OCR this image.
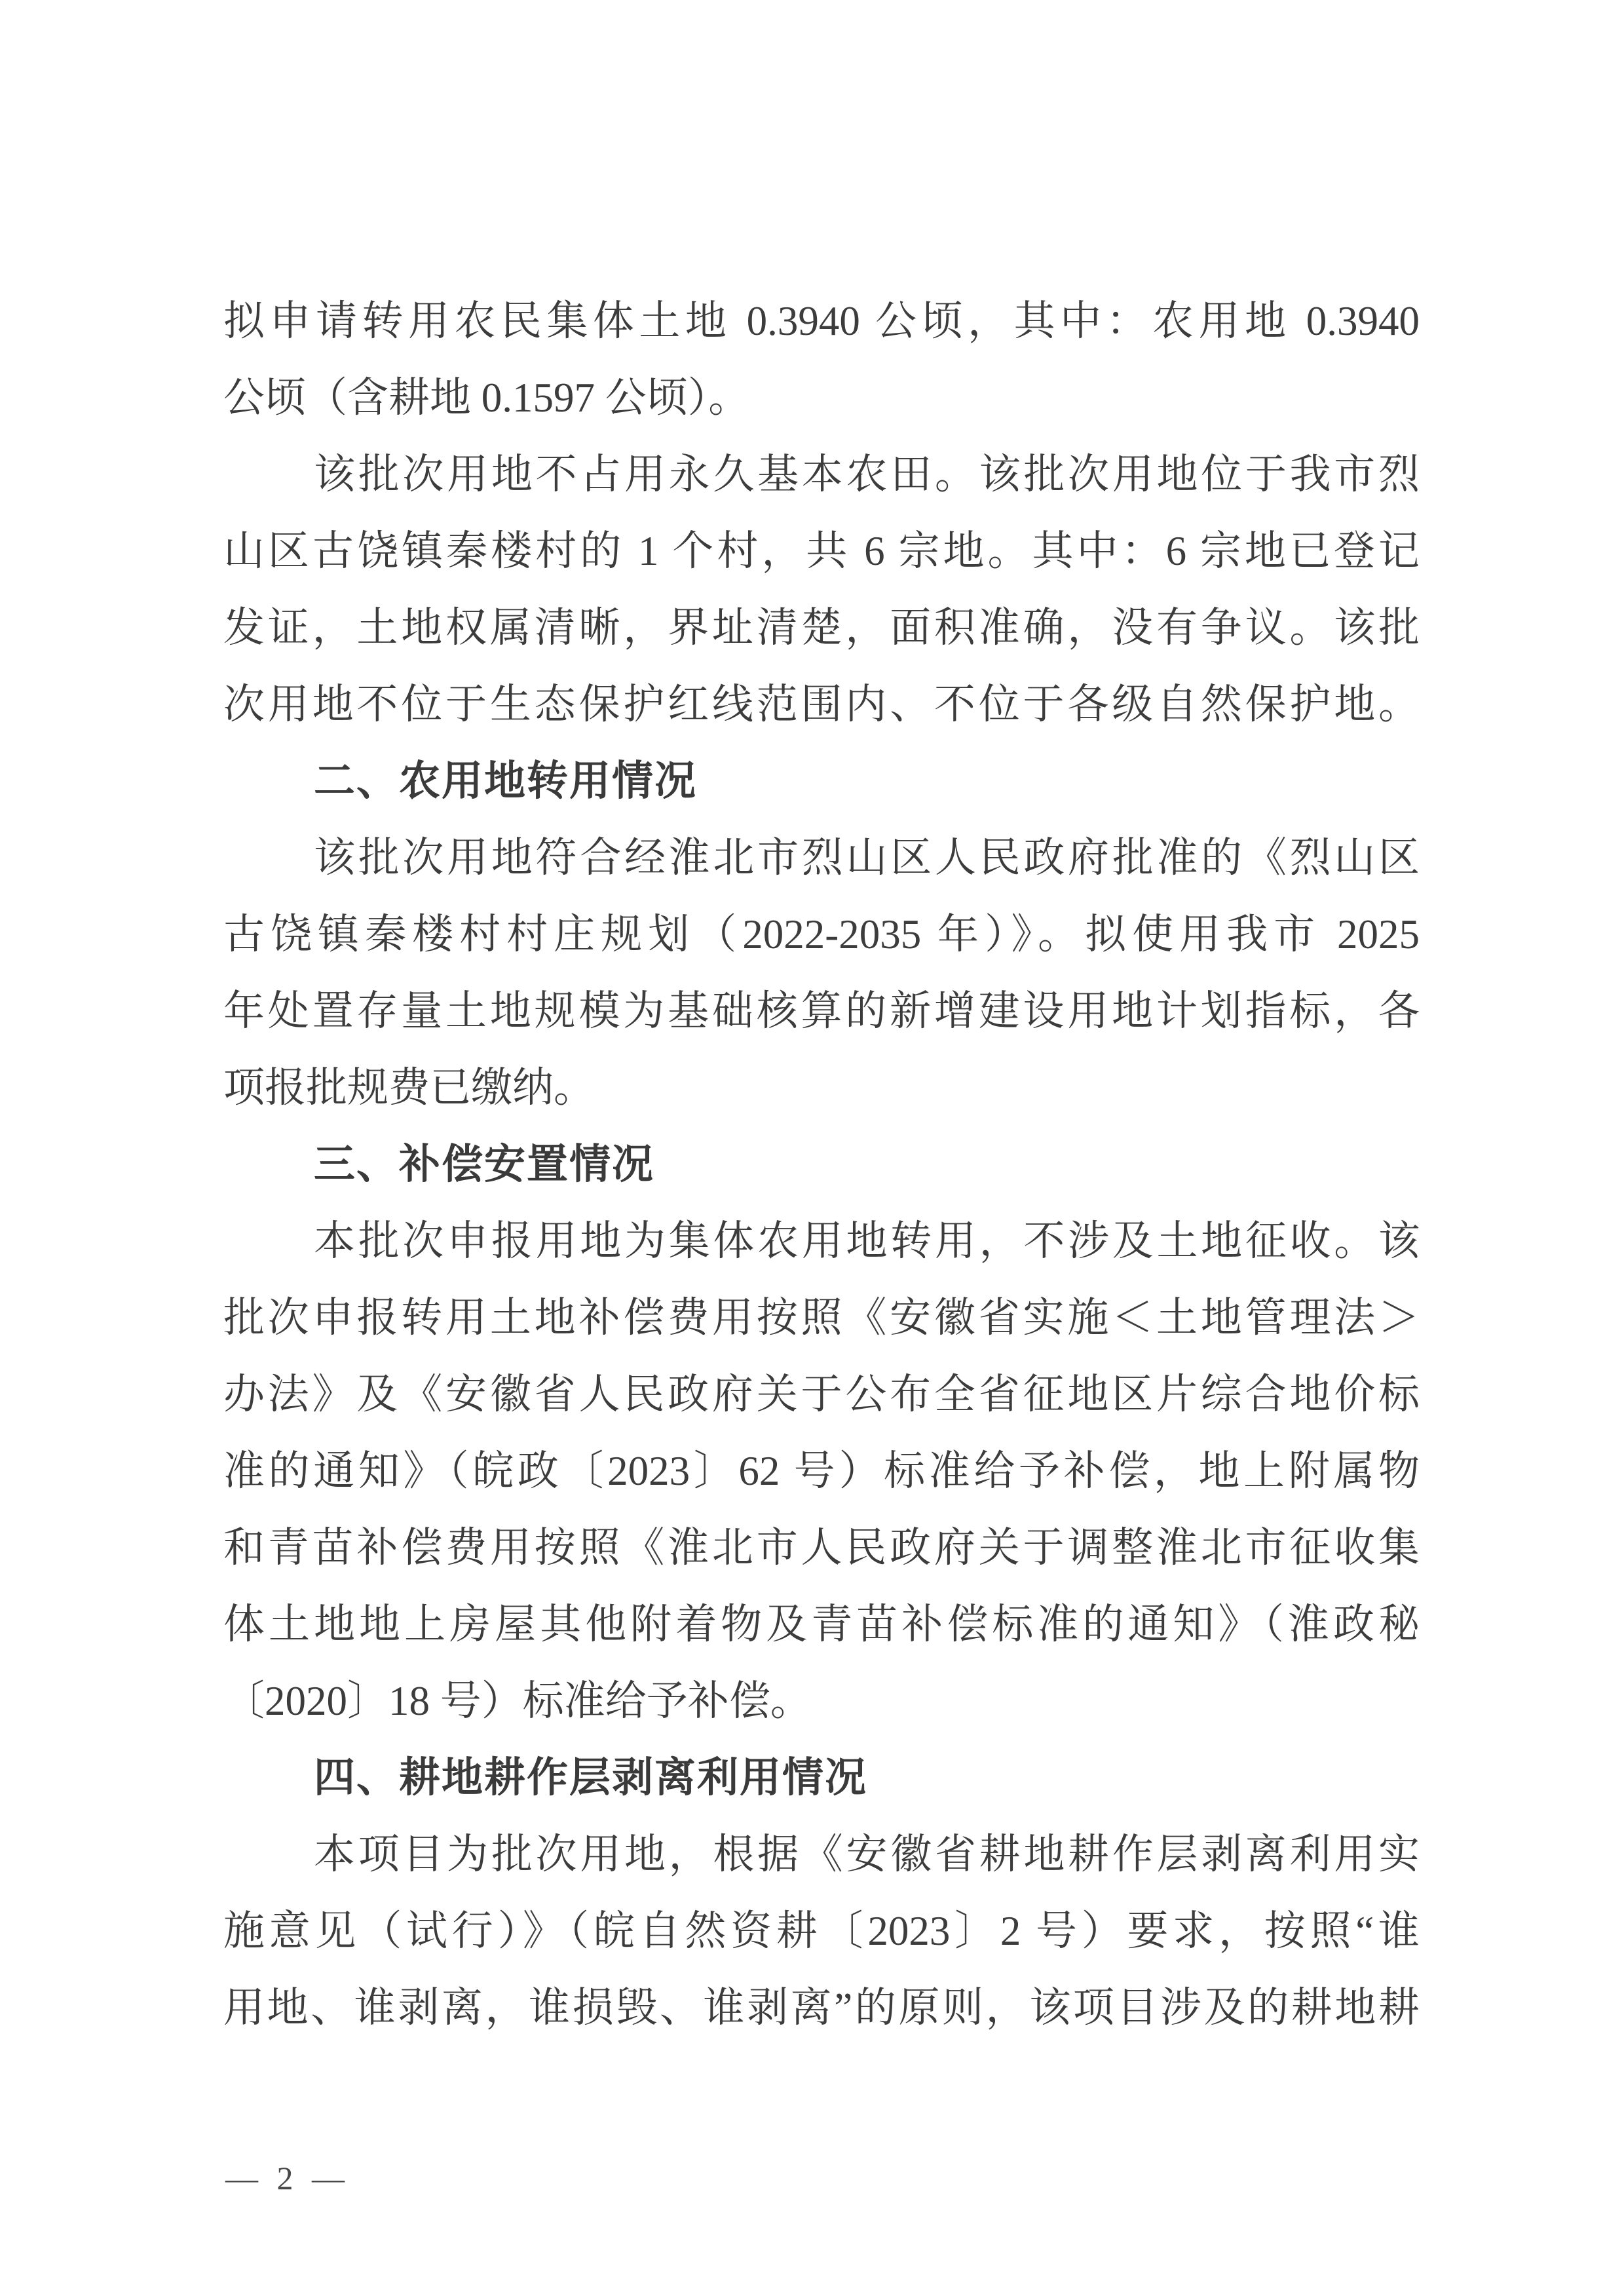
拟申请转用农民集体土地 0.3940 公顷，其中：农用地 0.3940
公顷（含耕地 0.1597 公顷）。
该批次用地不占用永久基本农田。该批次用地位于我市烈
山区古饶镇秦楼村的 1 个村，共 6 宗地。其中：6 宗地已登记
发证，土地权属清晰，界址清楚，面积准确，没有争议。该批
次用地不位于生态保护红线范围内、不位于各级自然保护地。
二、农用地转用情况
该批次用地符合经淮北市烈山区人民政府批准的《烈山区
古饶镇秦楼村村庄规划（2022-2035 年）》。拟使用我市 2025
年处置存量土地规模为基础核算的新增建设用地计划指标，各
项报批规费已缴纳。
三、补偿安置情况
本批次申报用地为集体农用地转用，不涉及土地征收。该
批次申报转用土地补偿费用按照《安徽省实施＜土地管理法＞
办法》及《安徽省人民政府关于公布全省征地区片综合地价标
准的通知》（皖政〔2023〕62 号）标准给予补偿，地上附属物
和青苗补偿费用按照《淮北市人民政府关于调整淮北市征收集
体土地地上房屋其他附着物及青苗补偿标准的通知》（淮政秘
〔2020〕18 号）标准给予补偿。
四、耕地耕作层剥离利用情况
本项目为批次用地，根据《安徽省耕地耕作层剥离利用实
施意见（试行）》（皖自然资耕〔2023〕2 号）要求，按照“谁
用地、谁剥离，谁损毁、谁剥离”的原则，该项目涉及的耕地耕
— 2 —
